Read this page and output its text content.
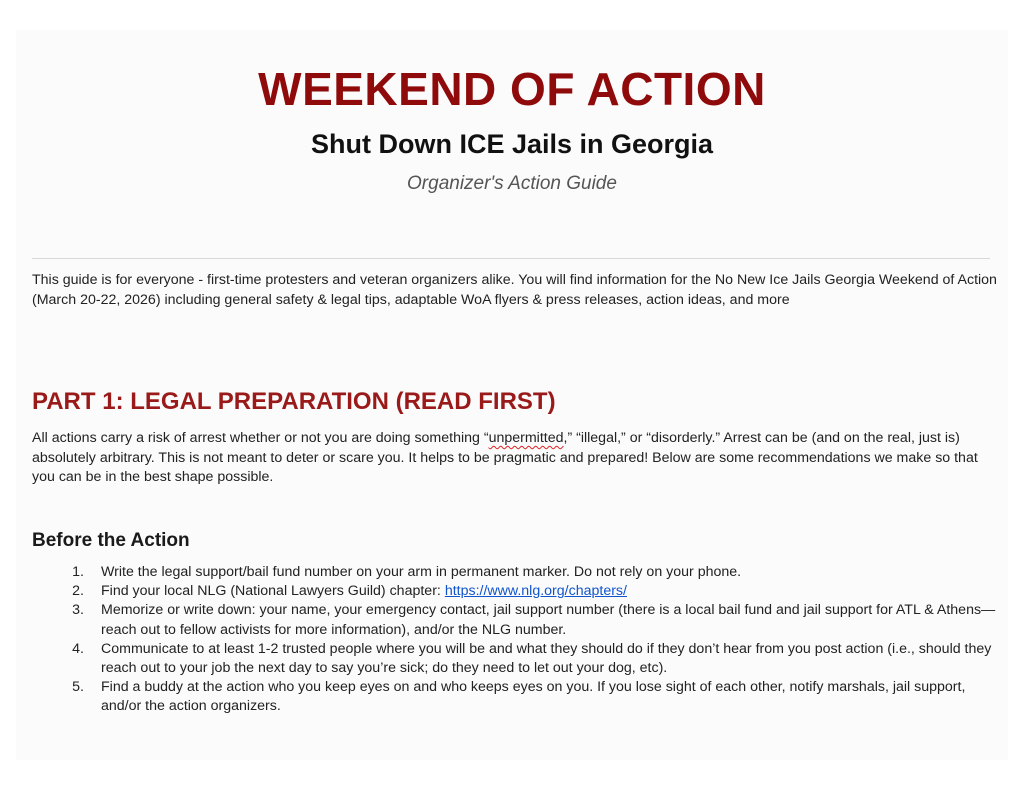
WEEKEND OF ACTION
Shut Down ICE Jails in Georgia

Organizer's Action Guide

This guide is for everyone - first-time protesters and veteran organizers alike. You will find information for the No New Ice Jails Georgia Weekend of Action (March 20-22, 2026) including general safety & legal tips, adaptable WoA flyers & press releases, action ideas, and more

PART 1: LEGAL PREPARATION (READ FIRST)

All actions carry a risk of arrest whether or not you are doing something “unpermitted,” “illegal,” or “disorderly.” Arrest can be (and on the real, just is) absolutely arbitrary. This is not meant to deter or scare you. It helps to be pragmatic and prepared! Below are some recommendations we make so that you can be in the best shape possible.

Before the Action
1. Write the legal support/bail fund number on your arm in permanent marker. Do not rely on your phone.
2. Find your local NLG (National Lawyers Guild) chapter: https://www.nlg.org/chapters/
3. Memorize or write down: your name, your emergency contact, jail support number (there is a local bail fund and jail support for ATL & Athens—reach out to fellow activists for more information), and/or the NLG number.
4. Communicate to at least 1-2 trusted people where you will be and what they should do if they don’t hear from you post action (i.e., should they reach out to your job the next day to say you’re sick; do they need to let out your dog, etc).
5. Find a buddy at the action who you keep eyes on and who keeps eyes on you. If you lose sight of each other, notify marshals, jail support, and/or the action organizers.
